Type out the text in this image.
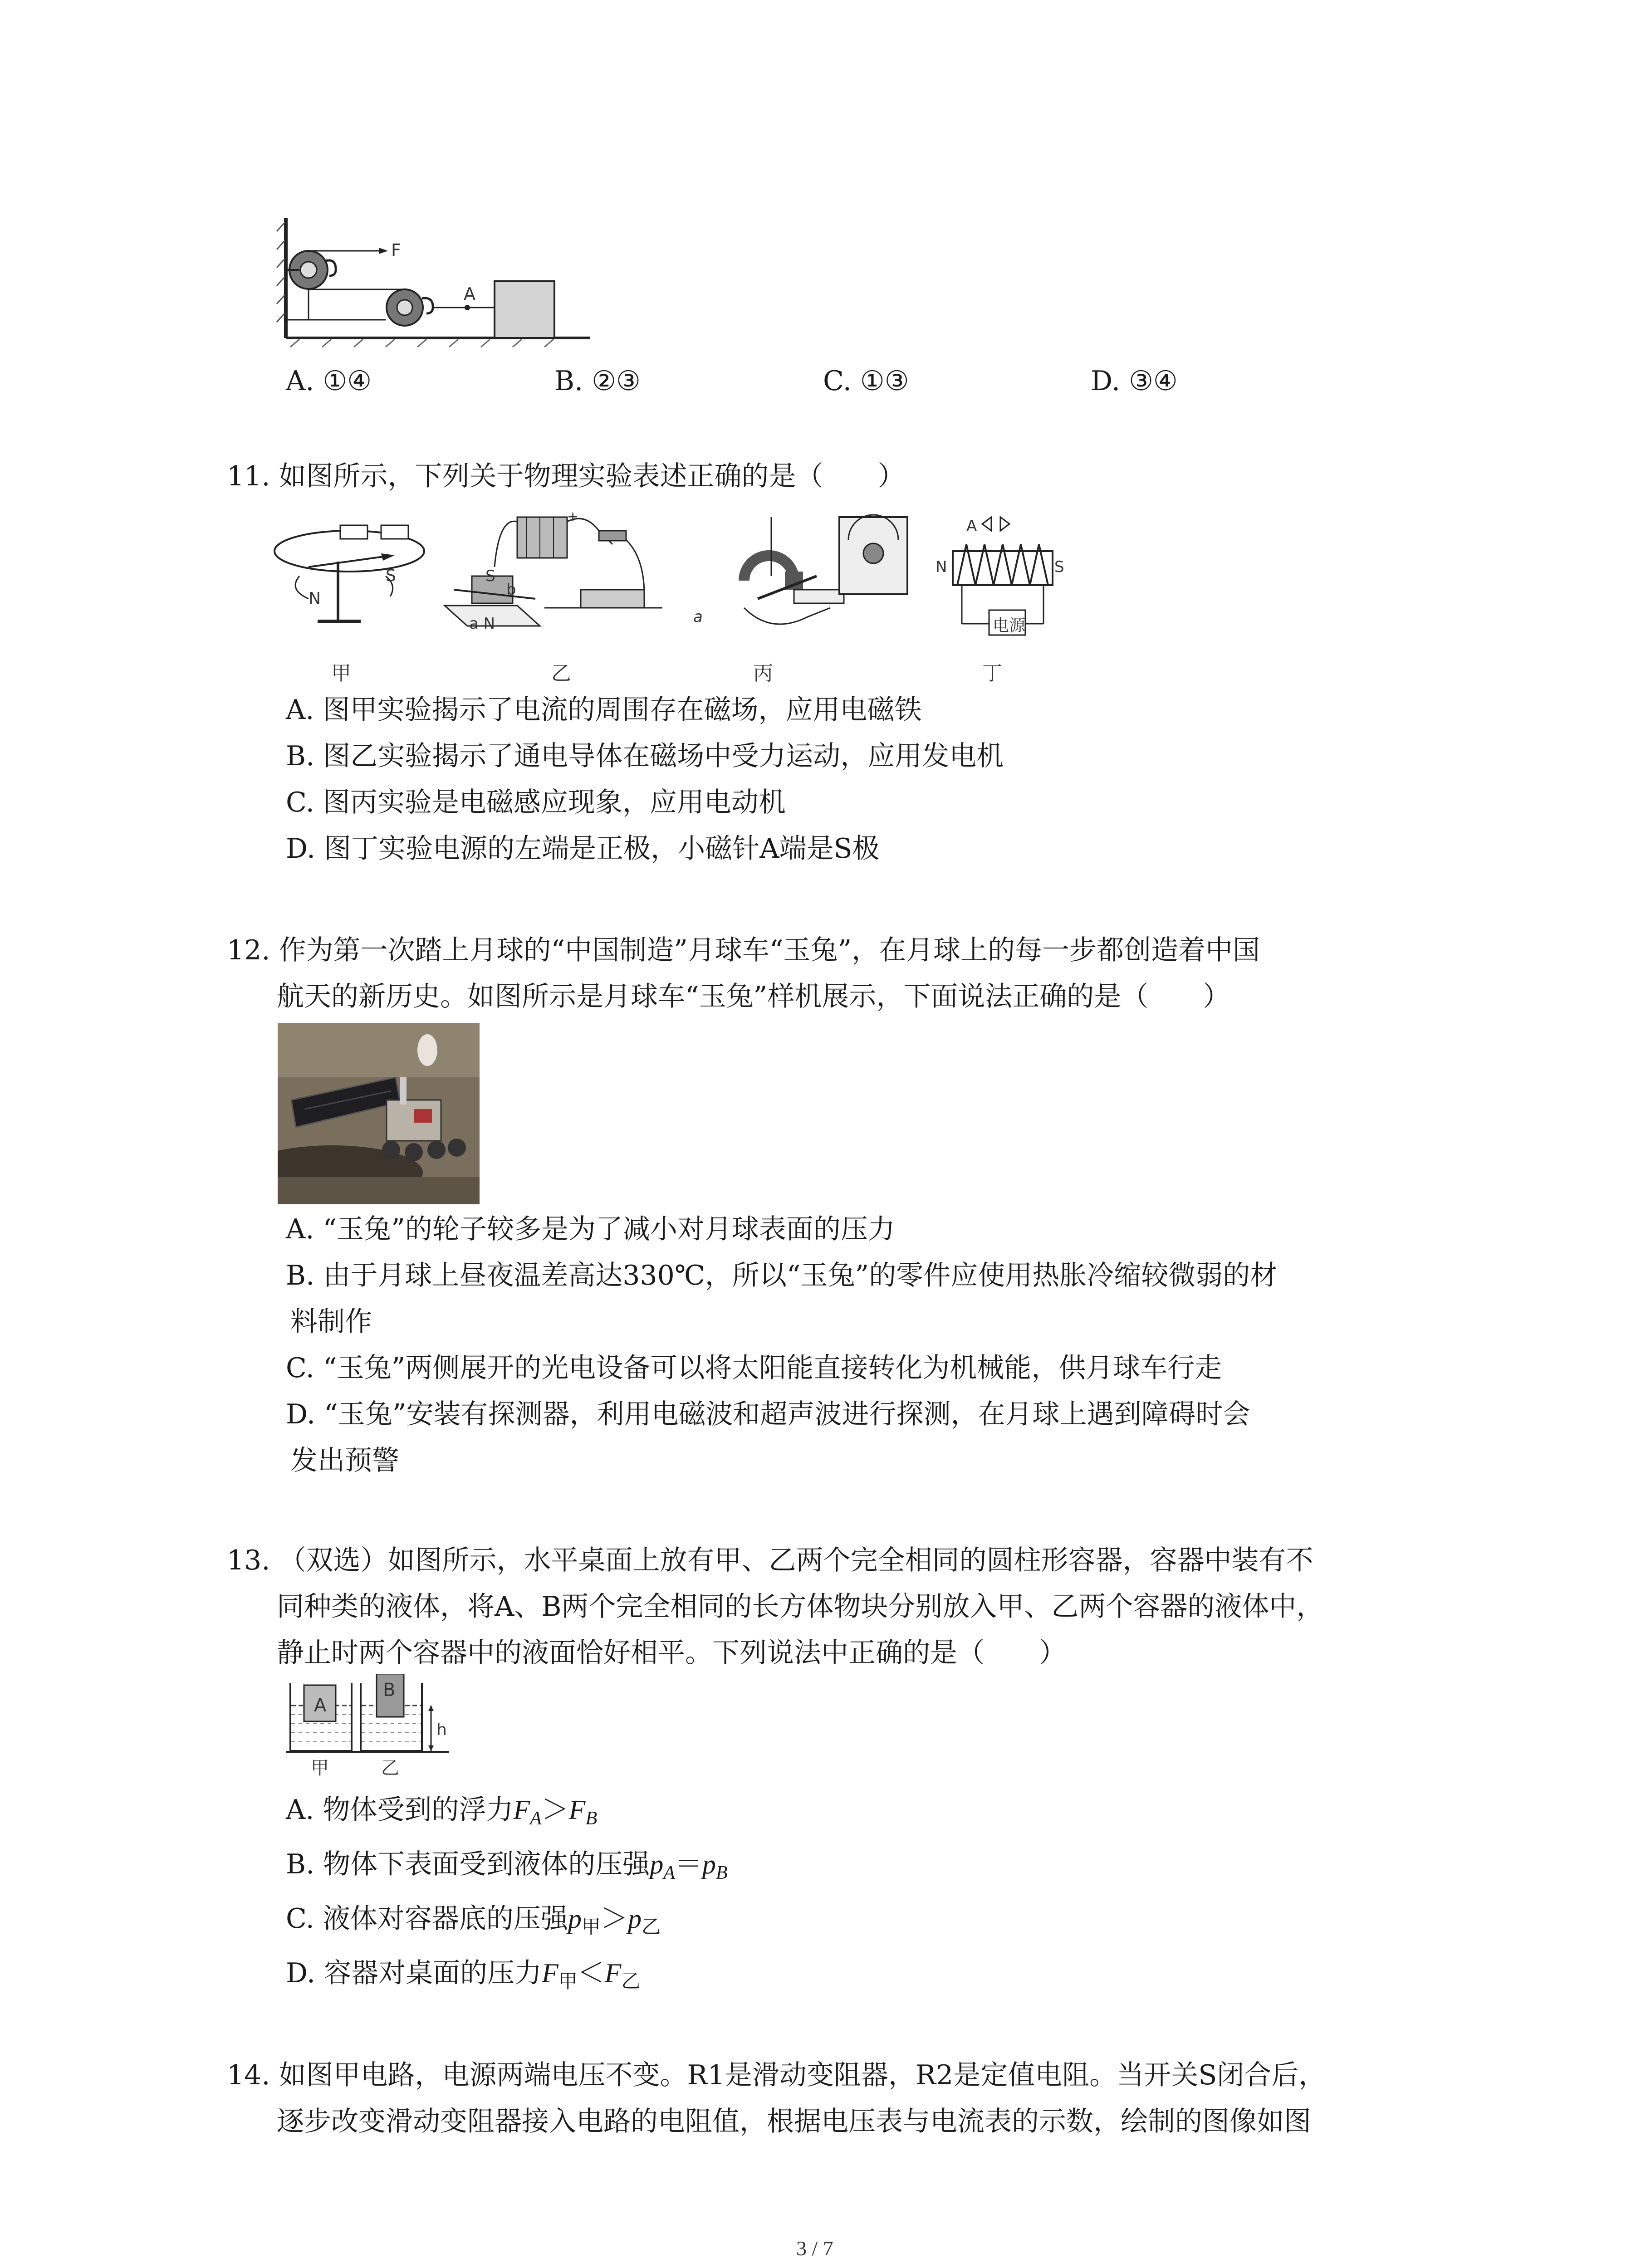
F
A
A. ①④	B. ②③	C. ①③	D. ③④
11. 如图所示，下列关于物理实验表述正确的是（　　）
N
S	S
b
a N
+
a
A
N	S
电源
甲	乙	丙	丁
A. 图甲实验揭示了电流的周围存在磁场，应用电磁铁
B. 图乙实验揭示了通电导体在磁场中受力运动，应用发电机
C. 图丙实验是电磁感应现象，应用电动机
D. 图丁实验电源的左端是正极，小磁针A端是S极
12. 作为第一次踏上月球的“中国制造”月球车“玉兔”，在月球上的每一步都创造着中国
航天的新历史。如图所示是月球车“玉兔”样机展示，下面说法正确的是（　　）
A. “玉兔”的轮子较多是为了减小对月球表面的压力
B. 由于月球上昼夜温差高达330℃，所以“玉兔”的零件应使用热胀冷缩较微弱的材
料制作
C. “玉兔”两侧展开的光电设备可以将太阳能直接转化为机械能，供月球车行走
D. “玉兔”安装有探测器，利用电磁波和超声波进行探测，在月球上遇到障碍时会
发出预警
13. （双选）如图所示，水平桌面上放有甲、乙两个完全相同的圆柱形容器，容器中装有不
同种类的液体，将A、B两个完全相同的长方体物块分别放入甲、乙两个容器的液体中，
静止时两个容器中的液面恰好相平。下列说法中正确的是（　　）
A
B
h
甲	乙
A. 物体受到的浮力$F_A>F_B$
B. 物体下表面受到液体的压强$p_A=p_B$
C. 液体对容器底的压强$p_甲>p_乙$
D. 容器对桌面的压力$F_甲<F_乙$
14. 如图甲电路，电源两端电压不变。R1是滑动变阻器，R2是定值电阻。当开关S闭合后，
逐步改变滑动变阻器接入电路的电阻值，根据电压表与电流表的示数，绘制的图像如图
3 / 7
